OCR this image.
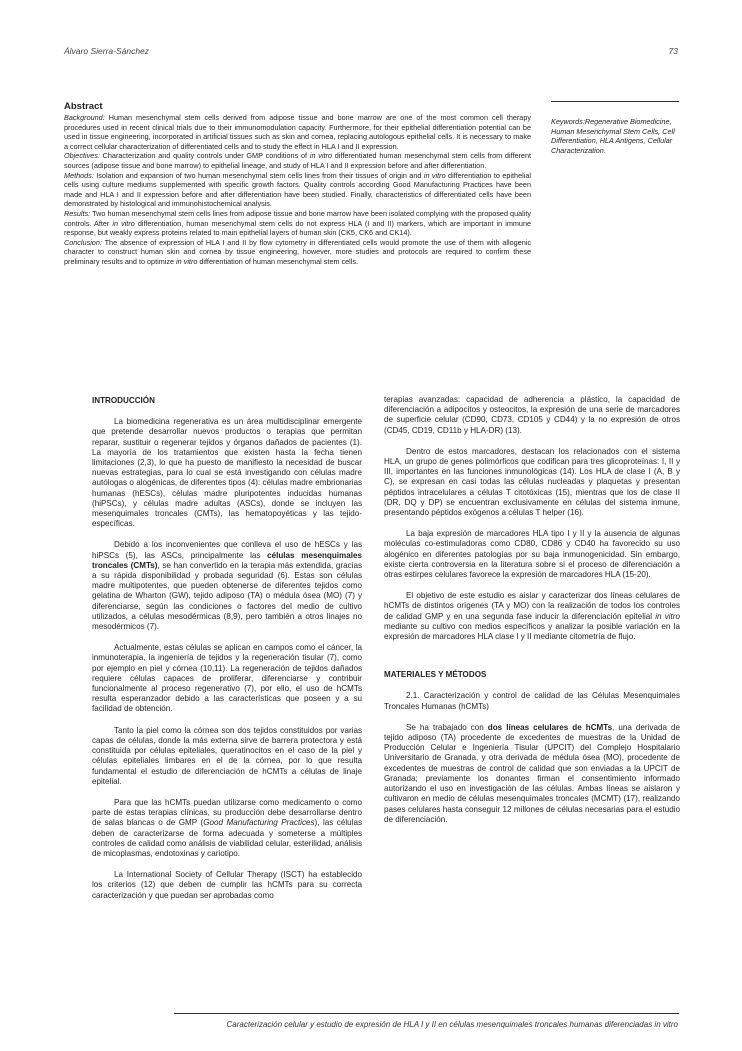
Álvaro Sierra-Sánchez	73
Abstract

Background: Human mesenchymal stem cells derived from adipose tissue and bone marrow are one of the most common cell therapy procedures used in recent clinical trials due to their immunomodulation capacity. Furthermore, for their epithelial differentiation potential can be used in tissue engineering, incorporated in artificial tissues such as skin and cornea, replacing autologous epithelial cells. It is necessary to make a correct cellular characterization of differentiated cells and to study the effect in HLA I and II expression.

Objectives: Characterization and quality controls under GMP conditions of in vitro differentiated human mesenchymal stem cells from different sources (adipose tissue and bone marrow) to epithelial lineage, and study of HLA I and II expression before and after differentiation.

Methods: Isolation and expansion of two human mesenchymal stem cells lines from their tissues of origin and in vitro differentiation to epithelial cells using culture mediums supplemented with specific growth factors. Quality controls according Good Manufacturing Practices have been made and HLA I and II expression before and after differentiation have been studied. Finally, characteristics of differentiated cells have been demonstrated by histological and immunohistochemical analysis.

Results: Two human mesenchymal stem cells lines from adipose tissue and bone marrow have been isolated complying with the proposed quality controls. After in vitro differentiation, human mesenchymal stem cells do not express HLA (I and II) markers, which are important in immune response, but weakly express proteins related to main epithelial layers of human skin (CK5, CK6 and CK14).

Conclusion: The absence of expression of HLA I and II by flow cytometry in differentiated cells would promote the use of them with allogenic character to construct human skin and cornea by tissue engineering, however, more studies and protocols are required to confirm these preliminary results and to optimize in vitro differentiation of human mesenchymal stem cells.

Keywords:Regenerative Biomedicine, Human Mesenchymal Stem Cells, Cell Differentiation, HLA Antigens, Cellular Characterization.
INTRODUCCIÓN

La biomedicina regenerativa es un área multidisciplinar emergente que pretende desarrollar nuevos productos o terapias que permitan reparar, sustituir o regenerar tejidos y órganos dañados de pacientes (1). La mayoría de los tratamientos que existen hasta la fecha tienen limitaciones (2,3), lo que ha puesto de manifiesto la necesidad de buscar nuevas estrategias, para lo cual se está investigando con células madre autólogas o alogénicas, de diferentes tipos (4): células madre embrionarias humanas (hESCs), células madre pluripotentes inducidas humanas (hiPSCs), y células madre adultas (ASCs), donde se incluyen las mesenquimales troncales (CMTs), las hematopoyéticas y las tejido-específicas.

Debido a los inconvenientes que conlleva el uso de hESCs y las hiPSCs (5), las ASCs, principalmente las células mesenquimales troncales (CMTs), se han convertido en la terapia más extendida, gracias a su rápida disponibilidad y probada seguridad (6). Estas son células madre multipotentes, que pueden obtenerse de diferentes tejidos como gelatina de Wharton (GW), tejido adiposo (TA) o médula ósea (MO) (7) y diferenciarse, según las condiciones o factores del medio de cultivo utilizados, a células mesodérmicas (8,9), pero también a otros linajes no mesodérmicos (7).

Actualmente, estas células se aplican en campos como el cáncer, la inmunoterapia, la ingeniería de tejidos y la regeneración tisular (7), como por ejemplo en piel y córnea (10,11). La regeneración de tejidos dañados requiere células capaces de proliferar, diferenciarse y contribuir funcionalmente al proceso regenerativo (7), por ello, el uso de hCMTs resulta esperanzador debido a las características que poseen y a su facilidad de obtención.

Tanto la piel como la córnea son dos tejidos constituidos por varias capas de células, donde la más externa sirve de barrera protectora y está constituida por células epiteliales, queratinocitos en el caso de la piel y células epiteliales limbares en el de la córnea, por lo que resulta fundamental el estudio de diferenciación de hCMTs a células de linaje epitelial.

Para que las hCMTs puedan utilizarse como medicamento o como parte de estas terapias clínicas, su producción debe desarrollarse dentro de salas blancas o de GMP (Good Manufacturing Practices), las células deben de caracterizarse de forma adecuada y someterse a múltiples controles de calidad como análisis de viabilidad celular, esterilidad, análisis de micoplasmas, endotoxinas y cariotipo.

La International Society of Cellular Therapy (ISCT) ha establecido los criterios (12) que deben de cumplir las hCMTs para su correcta caracterización y que puedan ser aprobadas como

terapias avanzadas: capacidad de adherencia a plástico, la capacidad de diferenciación a adipocitos y osteocitos, la expresión de una serie de marcadores de superficie celular (CD90, CD73, CD105 y CD44) y la no expresión de otros (CD45, CD19, CD11b y HLA-DR) (13).

Dentro de estos marcadores, destacan los relacionados con el sistema HLA, un grupo de genes polimórficos que codifican para tres glicoproteínas: I, II y III, importantes en las funciones inmunológicas (14). Los HLA de clase I (A, B y C), se expresan en casi todas las células nucleadas y plaquetas y presentan péptidos intracelulares a células T citotóxicas (15), mientras que los de clase II (DR, DQ y DP) se encuentran exclusivamente en células del sistema inmune, presentando péptidos exógenos a células T helper (16).

La baja expresión de marcadores HLA tipo I y II y la ausencia de algunas moléculas co-estimuladoras como CD80, CD86 y CD40 ha favorecido su uso alogénico en diferentes patologías por su baja inmunogenicidad. Sin embargo, existe cierta controversia en la literatura sobre si el proceso de diferenciación a otras estirpes celulares favorece la expresión de marcadores HLA (15-20).

El objetivo de este estudio es aislar y caracterizar dos líneas celulares de hCMTs de distintos orígenes (TA y MO) con la realización de todos los controles de calidad GMP y en una segunda fase inducir la diferenciación epitelial in vitro mediante su cultivo con medios específicos y analizar la posible variación en la expresión de marcadores HLA clase I y II mediante citometría de flujo.

MATERIALES Y MÉTODOS

2.1. Caracterización y control de calidad de las Células Mesenquimales Troncales Humanas (hCMTs)

Se ha trabajado con dos líneas celulares de hCMTs, una derivada de tejido adiposo (TA) procedente de excedentes de muestras de la Unidad de Producción Celular e Ingeniería Tisular (UPCIT) del Complejo Hospitalario Universitario de Granada, y otra derivada de médula ósea (MO), procedente de excedentes de muestras de control de calidad que son enviadas a la UPCIT de Granada; previamente los donantes firman el consentimiento informado autorizando el uso en investigación de las células. Ambas líneas se aislaron y cultivaron en medio de células mesenquimales troncales (MCMT) (17), realizando pases celulares hasta conseguir 12 millones de células necesarias para el estudio de diferenciación.

Caracterización celular y estudio de expresión de HLA I y II en células mesenquimales troncales humanas diferenciadas in vitro
